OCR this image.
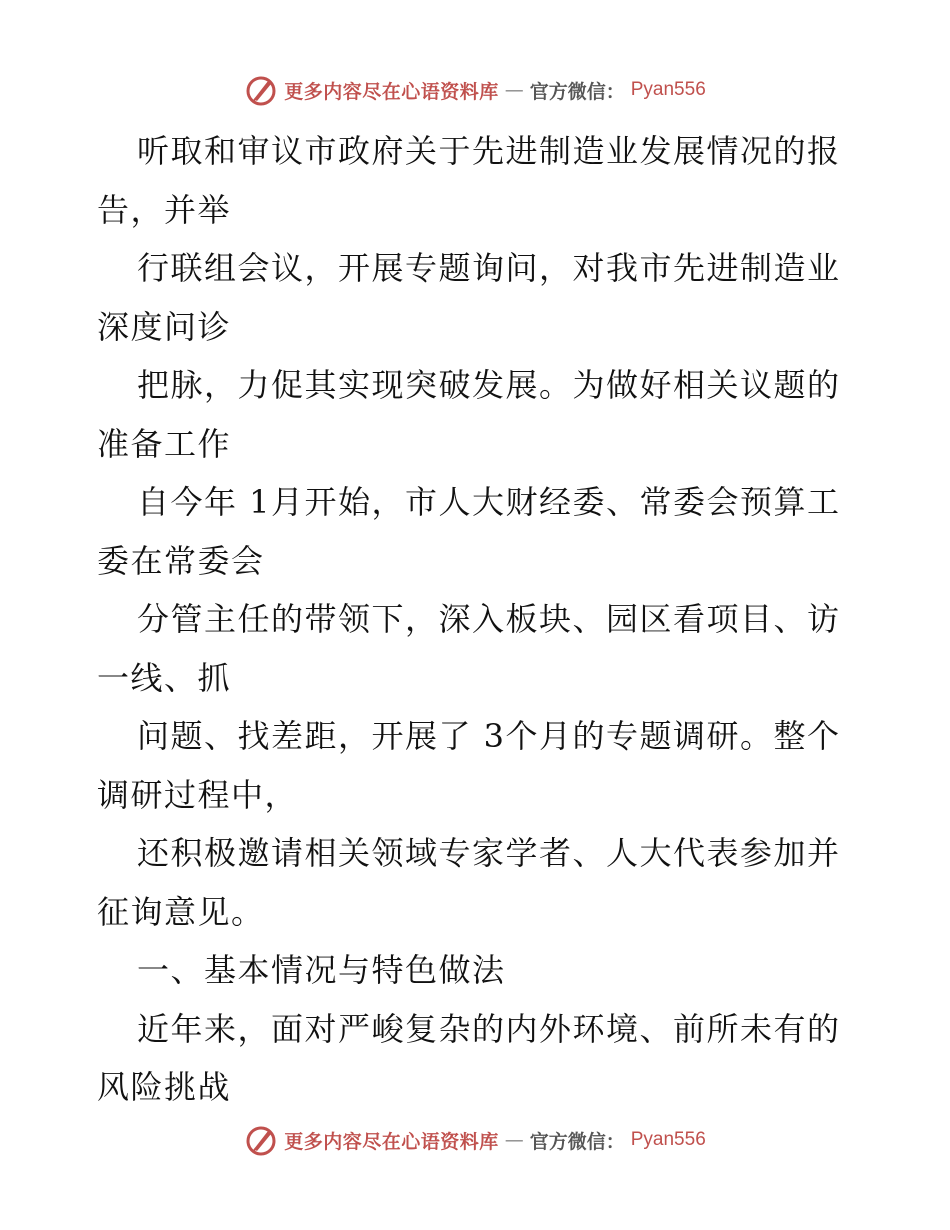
更多内容尽在心语资料库 — 官方微信： Pyan556

听取和审议市政府关于先进制造业发展情况的报告，并举

行联组会议，开展专题询问，对我市先进制造业深度问诊

把脉，力促其实现突破发展。为做好相关议题的准备工作

自今年 1月开始，市人大财经委、常委会预算工委在常委会

分管主任的带领下，深入板块、园区看项目、访一线、抓

问题、找差距，开展了 3个月的专题调研。整个调研过程中，

还积极邀请相关领域专家学者、人大代表参加并征询意见。

一、基本情况与特色做法

近年来，面对严峻复杂的内外环境、前所未有的风险挑战

更多内容尽在心语资料库 — 官方微信： Pyan556
